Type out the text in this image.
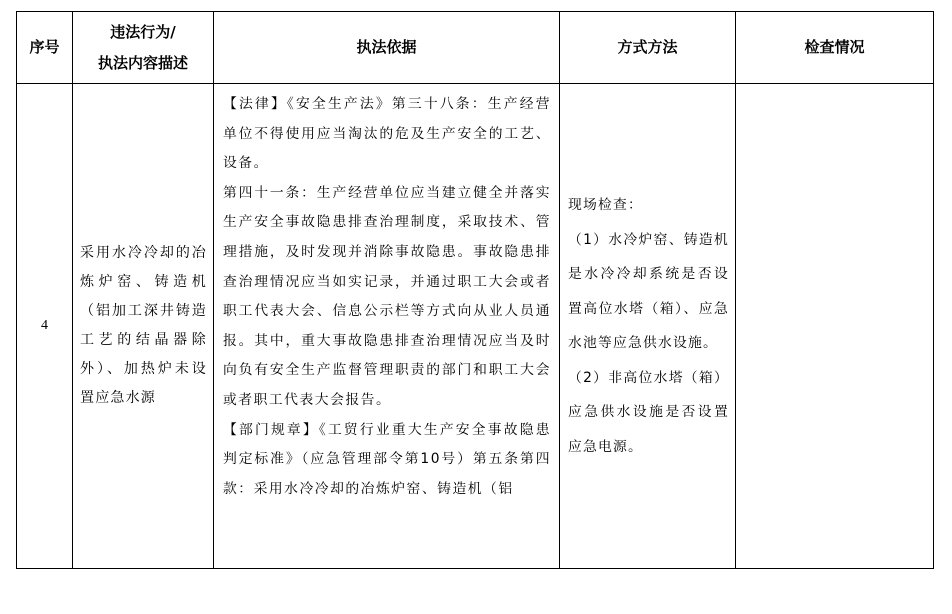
序号
违法行为/
执法内容描述
执法依据	方式方法	检查情况
4
采用水冷冷却的冶炼炉窑、铸造机（铝加工深井铸造工艺的结晶器除外）、加热炉未设置应急水源

【法律】《安全生产法》第三十八条：生产经营单位不得使用应当淘汰的危及生产安全的工艺、设备。

第四十一条：生产经营单位应当建立健全并落实生产安全事故隐患排查治理制度，采取技术、管理措施，及时发现并消除事故隐患。事故隐患排查治理情况应当如实记录，并通过职工大会或者职工代表大会、信息公示栏等方式向从业人员通报。其中，重大事故隐患排查治理情况应当及时向负有安全生产监督管理职责的部门和职工大会或者职工代表大会报告。

【部门规章】《工贸行业重大生产安全事故隐患判定标准》（应急管理部令第10号）第五条第四款：采用水冷冷却的冶炼炉窑、铸造机（铝

现场检查：

（1）水冷炉窑、铸造机是水冷冷却系统是否设置高位水塔（箱）、应急水池等应急供水设施。

（2）非高位水塔（箱）应急供水设施是否设置应急电源。
